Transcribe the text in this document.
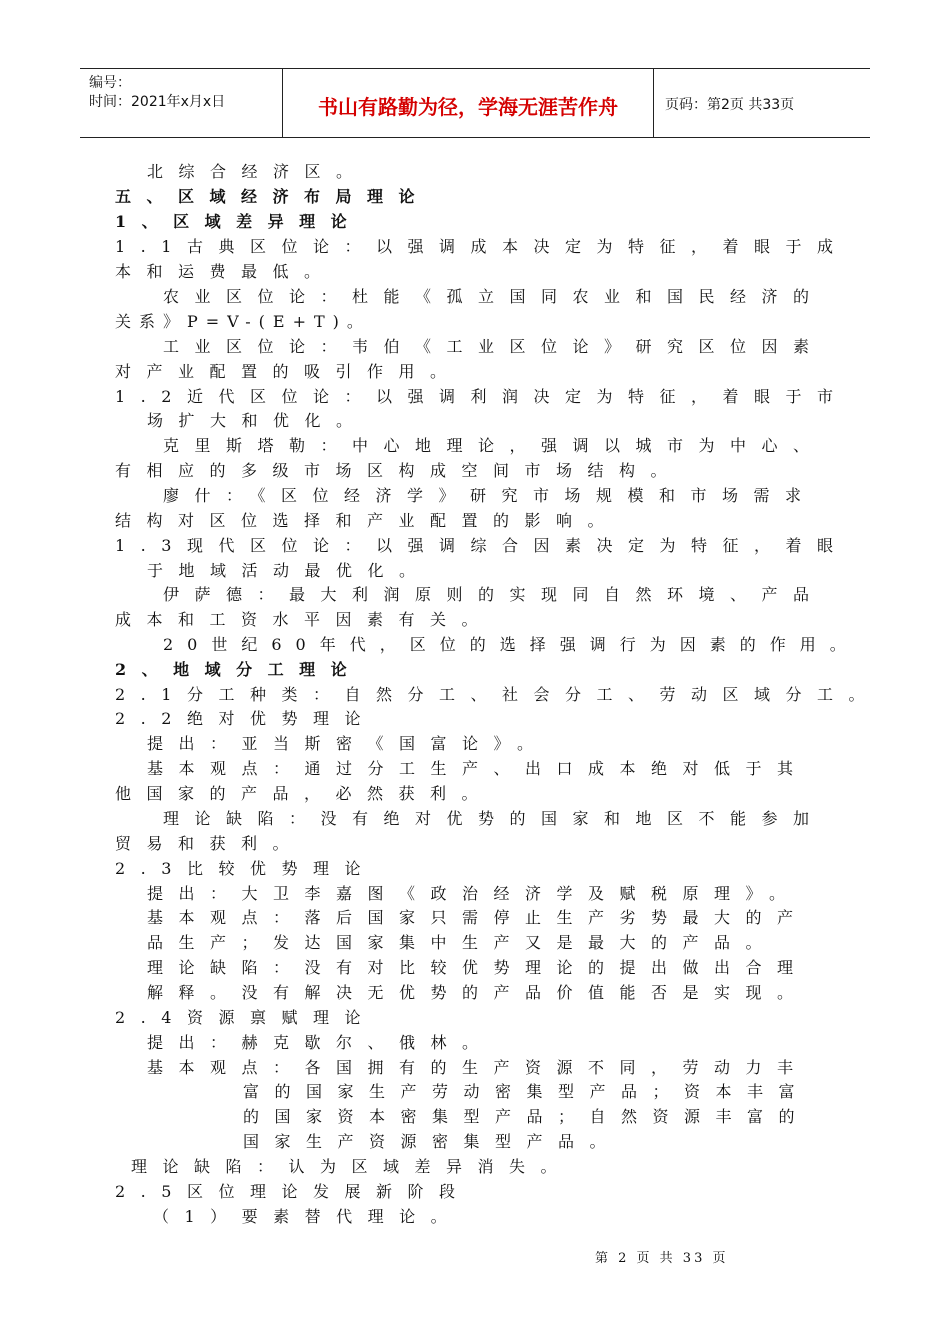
编号：
时间：2021年x月x日	书山有路勤为径，学海无涯苦作舟	页码：第2页 共33页
北综合经济区。
五、区域经济布局理论
1、区域差异理论
1.1古典区位论：以强调成本决定为特征，着眼于成
本和运费最低。
农业区位论：杜能《孤立国同农业和国民经济的
关系》P=V-(E+T)。
工业区位论：韦伯《工业区位论》研究区位因素
对产业配置的吸引作用。
1.2近代区位论：以强调利润决定为特征，着眼于市
场扩大和优化。
克里斯塔勒：中心地理论，强调以城市为中心、
有相应的多级市场区构成空间市场结构。
廖什：《区位经济学》研究市场规模和市场需求
结构对区位选择和产业配置的影响。
1.3现代区位论：以强调综合因素决定为特征，着眼
于地域活动最优化。
伊萨德：最大利润原则的实现同自然环境、产品
成本和工资水平因素有关。
20世纪60年代，区位的选择强调行为因素的作用。
2、地域分工理论
2.1分工种类：自然分工、社会分工、劳动区域分工。
2.2绝对优势理论
提出：亚当斯密《国富论》。
基本观点：通过分工生产、出口成本绝对低于其
他国家的产品，必然获利。
理论缺陷：没有绝对优势的国家和地区不能参加
贸易和获利。
2.3比较优势理论
提出：大卫李嘉图《政治经济学及赋税原理》。
基本观点：落后国家只需停止生产劣势最大的产
品生产；发达国家集中生产又是最大的产品。
理论缺陷：没有对比较优势理论的提出做出合理
解释。没有解决无优势的产品价值能否是实现。
2.4资源禀赋理论
提出：赫克歇尔、俄林。
基本观点：各国拥有的生产资源不同，劳动力丰
富的国家生产劳动密集型产品；资本丰富
的国家资本密集型产品；自然资源丰富的
国家生产资源密集型产品。
理论缺陷：认为区域差异消失。
2.5区位理论发展新阶段
（1）要素替代理论。
第 2 页 共 33 页
